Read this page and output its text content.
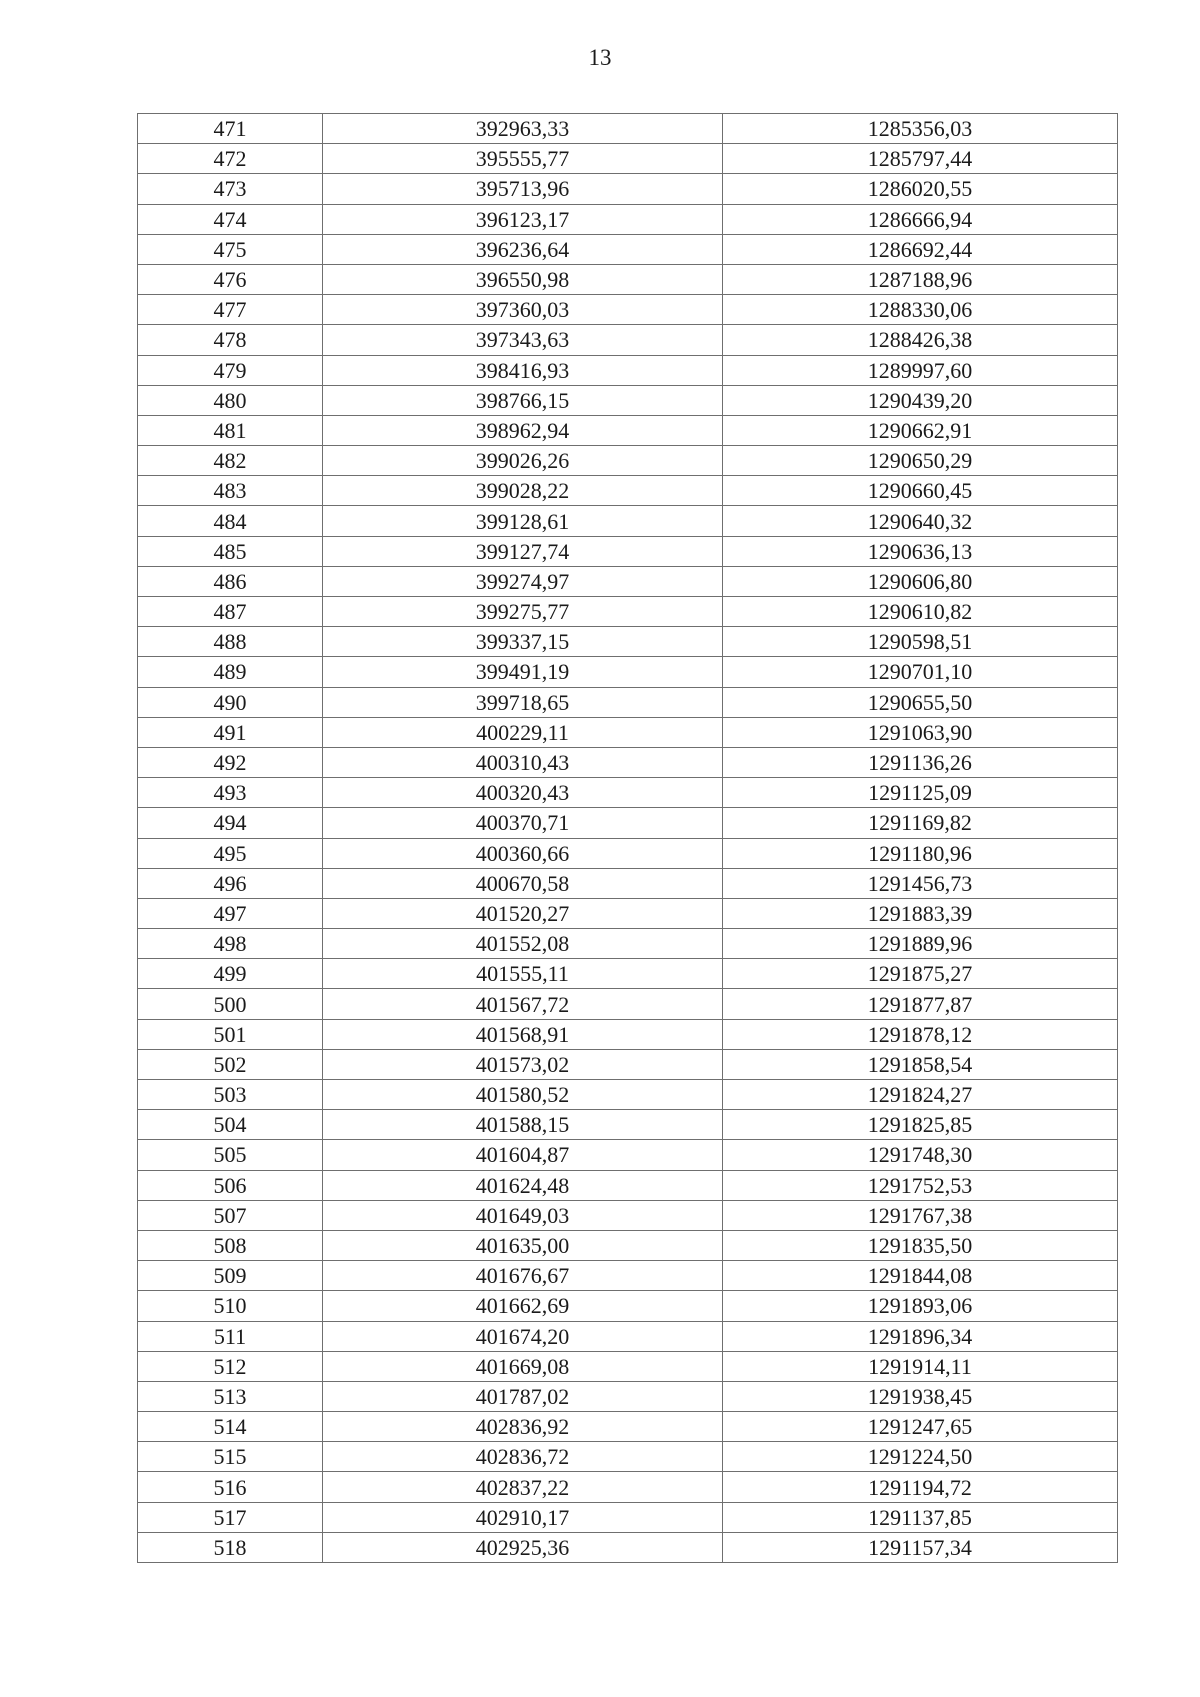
13
471	392963,33	1285356,03
472	395555,77	1285797,44
473	395713,96	1286020,55
474	396123,17	1286666,94
475	396236,64	1286692,44
476	396550,98	1287188,96
477	397360,03	1288330,06
478	397343,63	1288426,38
479	398416,93	1289997,60
480	398766,15	1290439,20
481	398962,94	1290662,91
482	399026,26	1290650,29
483	399028,22	1290660,45
484	399128,61	1290640,32
485	399127,74	1290636,13
486	399274,97	1290606,80
487	399275,77	1290610,82
488	399337,15	1290598,51
489	399491,19	1290701,10
490	399718,65	1290655,50
491	400229,11	1291063,90
492	400310,43	1291136,26
493	400320,43	1291125,09
494	400370,71	1291169,82
495	400360,66	1291180,96
496	400670,58	1291456,73
497	401520,27	1291883,39
498	401552,08	1291889,96
499	401555,11	1291875,27
500	401567,72	1291877,87
501	401568,91	1291878,12
502	401573,02	1291858,54
503	401580,52	1291824,27
504	401588,15	1291825,85
505	401604,87	1291748,30
506	401624,48	1291752,53
507	401649,03	1291767,38
508	401635,00	1291835,50
509	401676,67	1291844,08
510	401662,69	1291893,06
511	401674,20	1291896,34
512	401669,08	1291914,11
513	401787,02	1291938,45
514	402836,92	1291247,65
515	402836,72	1291224,50
516	402837,22	1291194,72
517	402910,17	1291137,85
518	402925,36	1291157,34
